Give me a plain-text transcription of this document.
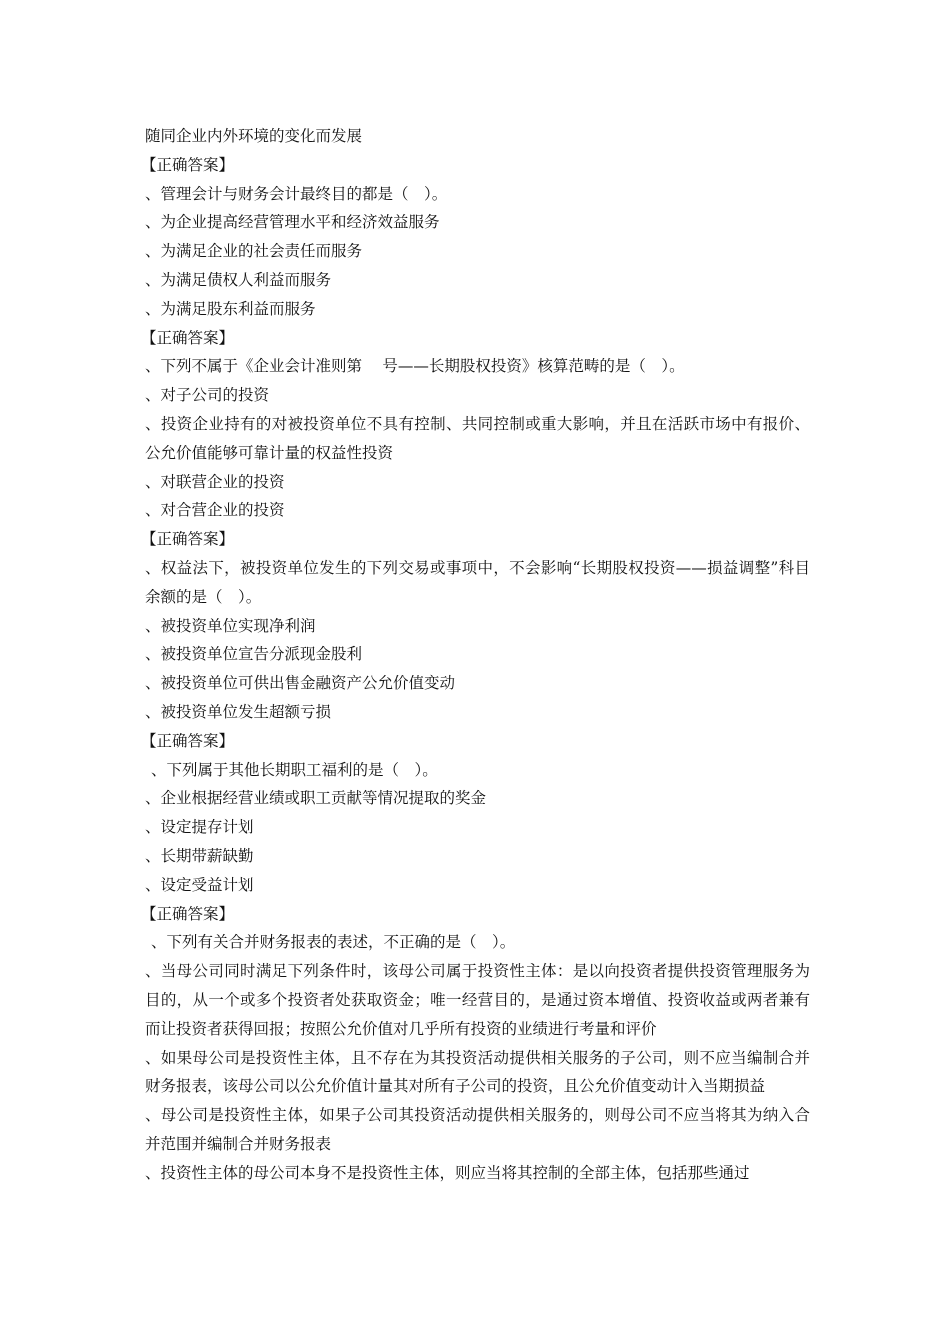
随同企业内外环境的变化而发展
【正确答案】
、管理会计与财务会计最终目的都是（　）。
、为企业提高经营管理水平和经济效益服务
、为满足企业的社会责任而服务
、为满足债权人利益而服务
、为满足股东利益而服务
【正确答案】
、下列不属于《企业会计准则第　 号——长期股权投资》核算范畴的是（　）。
、对子公司的投资
、投资企业持有的对被投资单位不具有控制、共同控制或重大影响，并且在活跃市场中有报价、公允价值能够可靠计量的权益性投资
、对联营企业的投资
、对合营企业的投资
【正确答案】
、权益法下，被投资单位发生的下列交易或事项中，不会影响“长期股权投资——损益调整”科目余额的是（　）。
、被投资单位实现净利润
、被投资单位宣告分派现金股利
、被投资单位可供出售金融资产公允价值变动
、被投资单位发生超额亏损
【正确答案】
、下列属于其他长期职工福利的是（　）。
、企业根据经营业绩或职工贡献等情况提取的奖金
、设定提存计划
、长期带薪缺勤
、设定受益计划
【正确答案】
、下列有关合并财务报表的表述，不正确的是（　）。
、当母公司同时满足下列条件时，该母公司属于投资性主体：是以向投资者提供投资管理服务为目的，从一个或多个投资者处获取资金；唯一经营目的，是通过资本增值、投资收益或两者兼有而让投资者获得回报；按照公允价值对几乎所有投资的业绩进行考量和评价
、如果母公司是投资性主体，且不存在为其投资活动提供相关服务的子公司，则不应当编制合并财务报表，该母公司以公允价值计量其对所有子公司的投资，且公允价值变动计入当期损益
、母公司是投资性主体，如果子公司其投资活动提供相关服务的，则母公司不应当将其为纳入合并范围并编制合并财务报表
、投资性主体的母公司本身不是投资性主体，则应当将其控制的全部主体，包括那些通过
